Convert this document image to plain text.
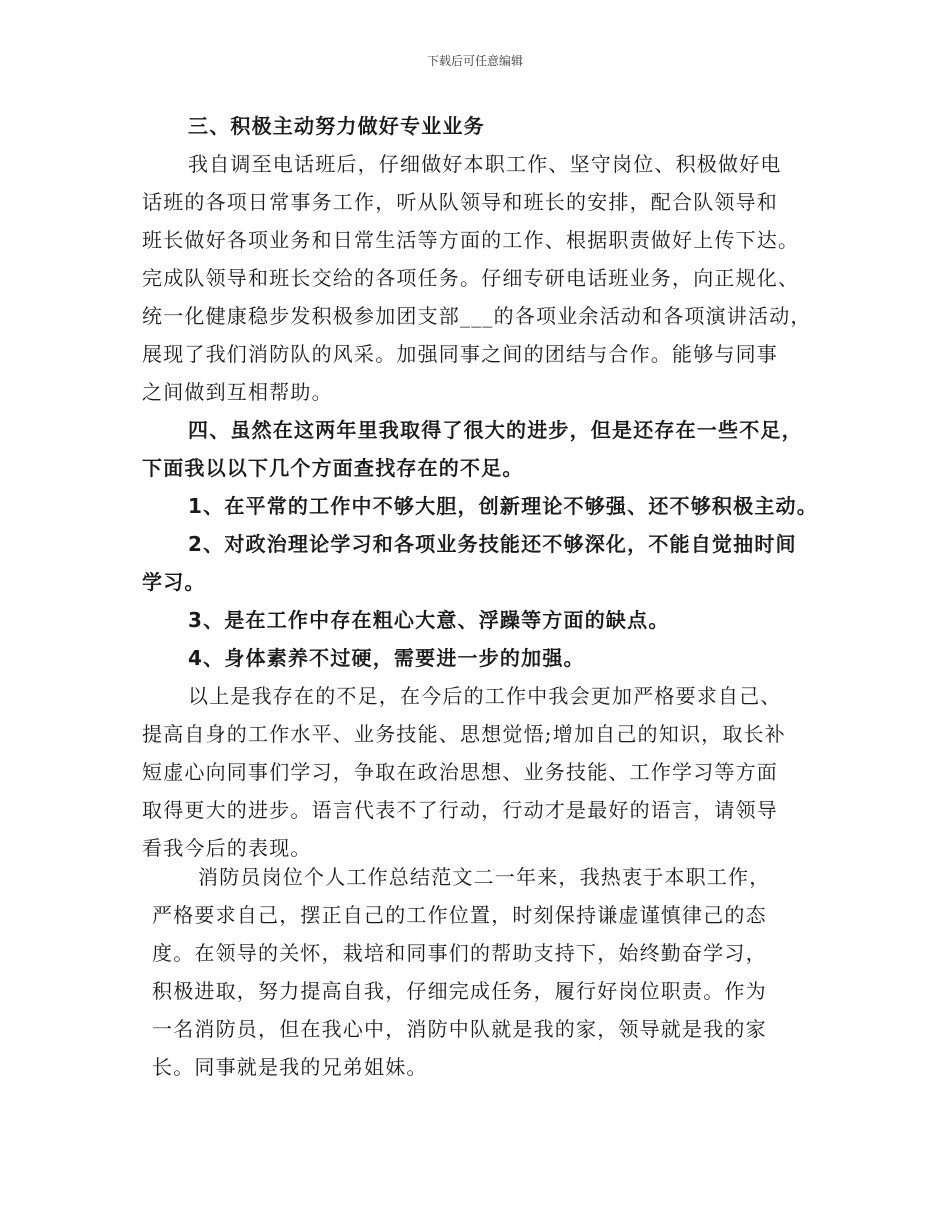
下载后可任意编辑
三、积极主动努力做好专业业务
我自调至电话班后，仔细做好本职工作、坚守岗位、积极做好电
话班的各项日常事务工作，听从队领导和班长的安排，配合队领导和
班长做好各项业务和日常生活等方面的工作、根据职责做好上传下达。
完成队领导和班长交给的各项任务。仔细专研电话班业务，向正规化、
统一化健康稳步发积极参加团支部___的各项业余活动和各项演讲活动，
展现了我们消防队的风采。加强同事之间的团结与合作。能够与同事
之间做到互相帮助。
四、虽然在这两年里我取得了很大的进步，但是还存在一些不足，
下面我以以下几个方面查找存在的不足。
1、在平常的工作中不够大胆，创新理论不够强、还不够积极主动。
2、对政治理论学习和各项业务技能还不够深化，不能自觉抽时间
学习。
3、是在工作中存在粗心大意、浮躁等方面的缺点。
4、身体素养不过硬，需要进一步的加强。
以上是我存在的不足，在今后的工作中我会更加严格要求自己、
提高自身的工作水平、业务技能、思想觉悟;增加自己的知识，取长补
短虚心向同事们学习，争取在政治思想、业务技能、工作学习等方面
取得更大的进步。语言代表不了行动，行动才是最好的语言，请领导
看我今后的表现。
消防员岗位个人工作总结范文二一年来，我热衷于本职工作，
严格要求自己，摆正自己的工作位置，时刻保持谦虚谨慎律己的态
度。在领导的关怀，栽培和同事们的帮助支持下，始终勤奋学习，
积极进取，努力提高自我，仔细完成任务，履行好岗位职责。作为
一名消防员，但在我心中，消防中队就是我的家，领导就是我的家
长。同事就是我的兄弟姐妹。
